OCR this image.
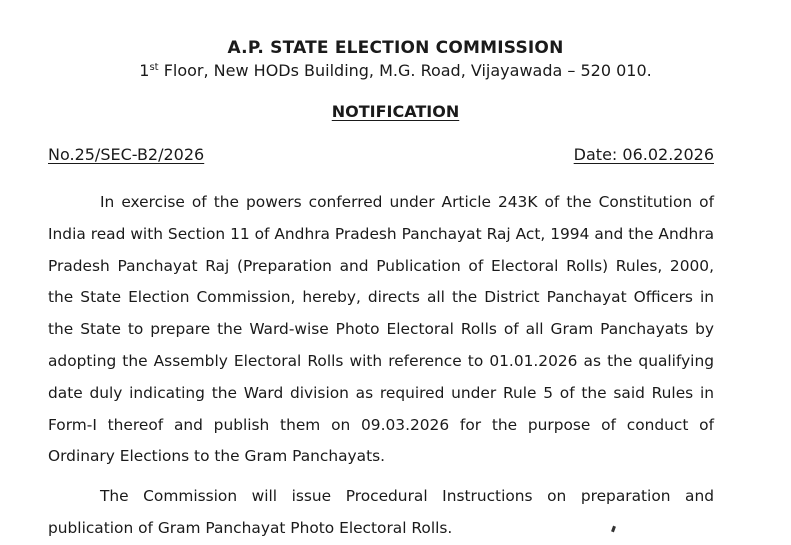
A.P. STATE ELECTION COMMISSION
1st Floor, New HODs Building, M.G. Road, Vijayawada – 520 010.
NOTIFICATION
No.25/SEC-B2/2026	Date: 06.02.2026

In exercise of the powers conferred under Article 243K of the Constitution of India read with Section 11 of Andhra Pradesh Panchayat Raj Act, 1994 and the Andhra Pradesh Panchayat Raj (Preparation and Publication of Electoral Rolls) Rules, 2000, the State Election Commission, hereby, directs all the District Panchayat Officers in the State to prepare the Ward-wise Photo Electoral Rolls of all Gram Panchayats by adopting the Assembly Electoral Rolls with reference to 01.01.2026 as the qualifying date duly indicating the Ward division as required under Rule 5 of the said Rules in Form-I thereof and publish them on 09.03.2026 for the purpose of conduct of Ordinary Elections to the Gram Panchayats.

The Commission will issue Procedural Instructions on preparation and publication of Gram Panchayat Photo Electoral Rolls.
